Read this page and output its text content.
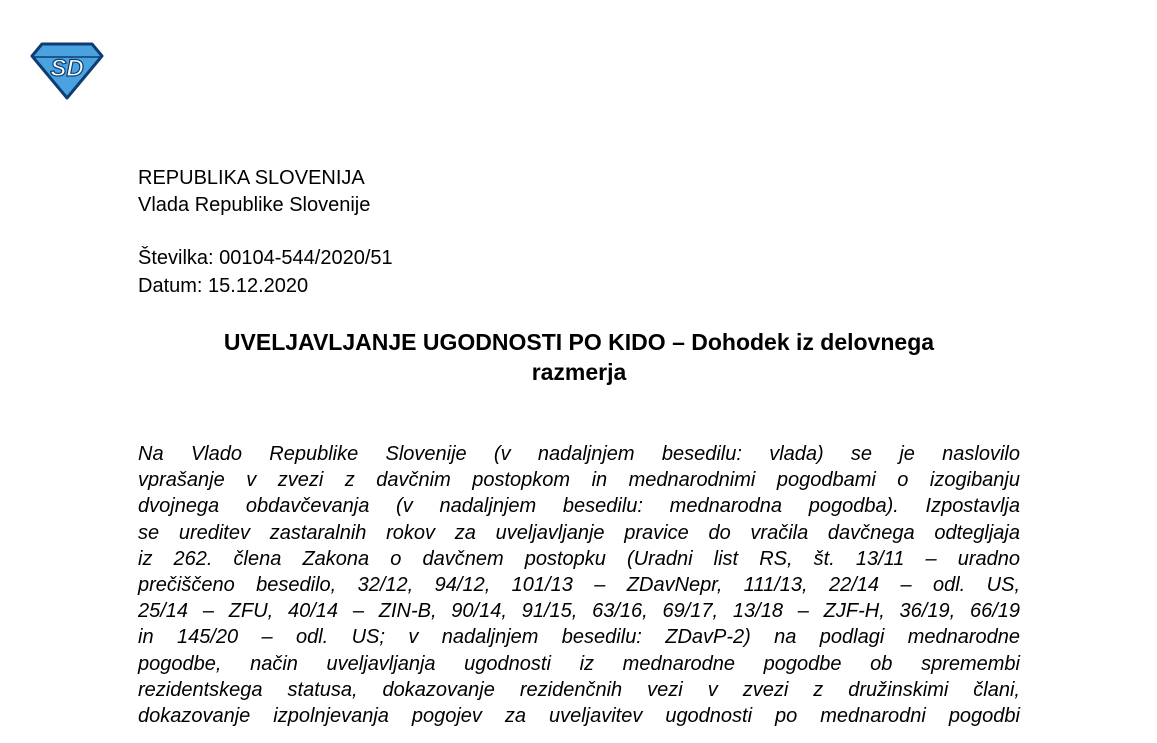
SD
REPUBLIKA SLOVENIJA
Vlada Republike Slovenije
Številka: 00104-544/2020/51
Datum: 15.12.2020
UVELJAVLJANJE UGODNOSTI PO KIDO – Dohodek iz delovnega
razmerja
Na Vlado Republike Slovenije (v nadaljnjem besedilu: vlada) se je naslovilo
vprašanje v zvezi z davčnim postopkom in mednarodnimi pogodbami o izogibanju
dvojnega obdavčevanja (v nadaljnjem besedilu: mednarodna pogodba). Izpostavlja
se ureditev zastaralnih rokov za uveljavljanje pravice do vračila davčnega odtegljaja
iz 262. člena Zakona o davčnem postopku (Uradni list RS, št. 13/11 – uradno
prečiščeno besedilo, 32/12, 94/12, 101/13 – ZDavNepr, 111/13, 22/14 – odl. US,
25/14 – ZFU, 40/14 – ZIN-B, 90/14, 91/15, 63/16, 69/17, 13/18 – ZJF-H, 36/19, 66/19
in 145/20 – odl. US; v nadaljnjem besedilu: ZDavP-2) na podlagi mednarodne
pogodbe, način uveljavljanja ugodnosti iz mednarodne pogodbe ob spremembi
rezidentskega statusa, dokazovanje rezidenčnih vezi v zvezi z družinskimi člani,
dokazovanje izpolnjevanja pogojev za uveljavitev ugodnosti po mednarodni pogodbi
